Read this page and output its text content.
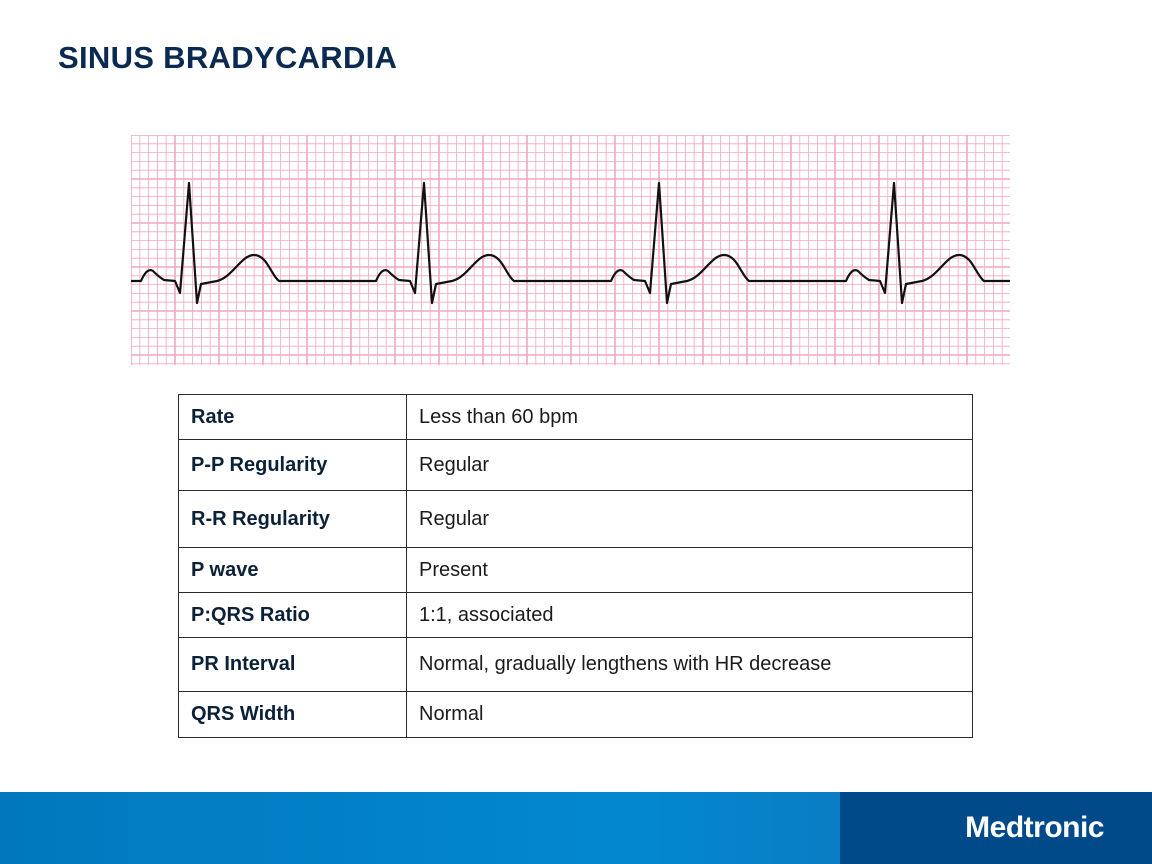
SINUS BRADYCARDIA
Rate	Less than 60 bpm
P-P Regularity	Regular
R-R Regularity	Regular
P wave	Present
P:QRS Ratio	1:1, associated
PR Interval	Normal, gradually lengthens with HR decrease
QRS Width	Normal
Medtronic
